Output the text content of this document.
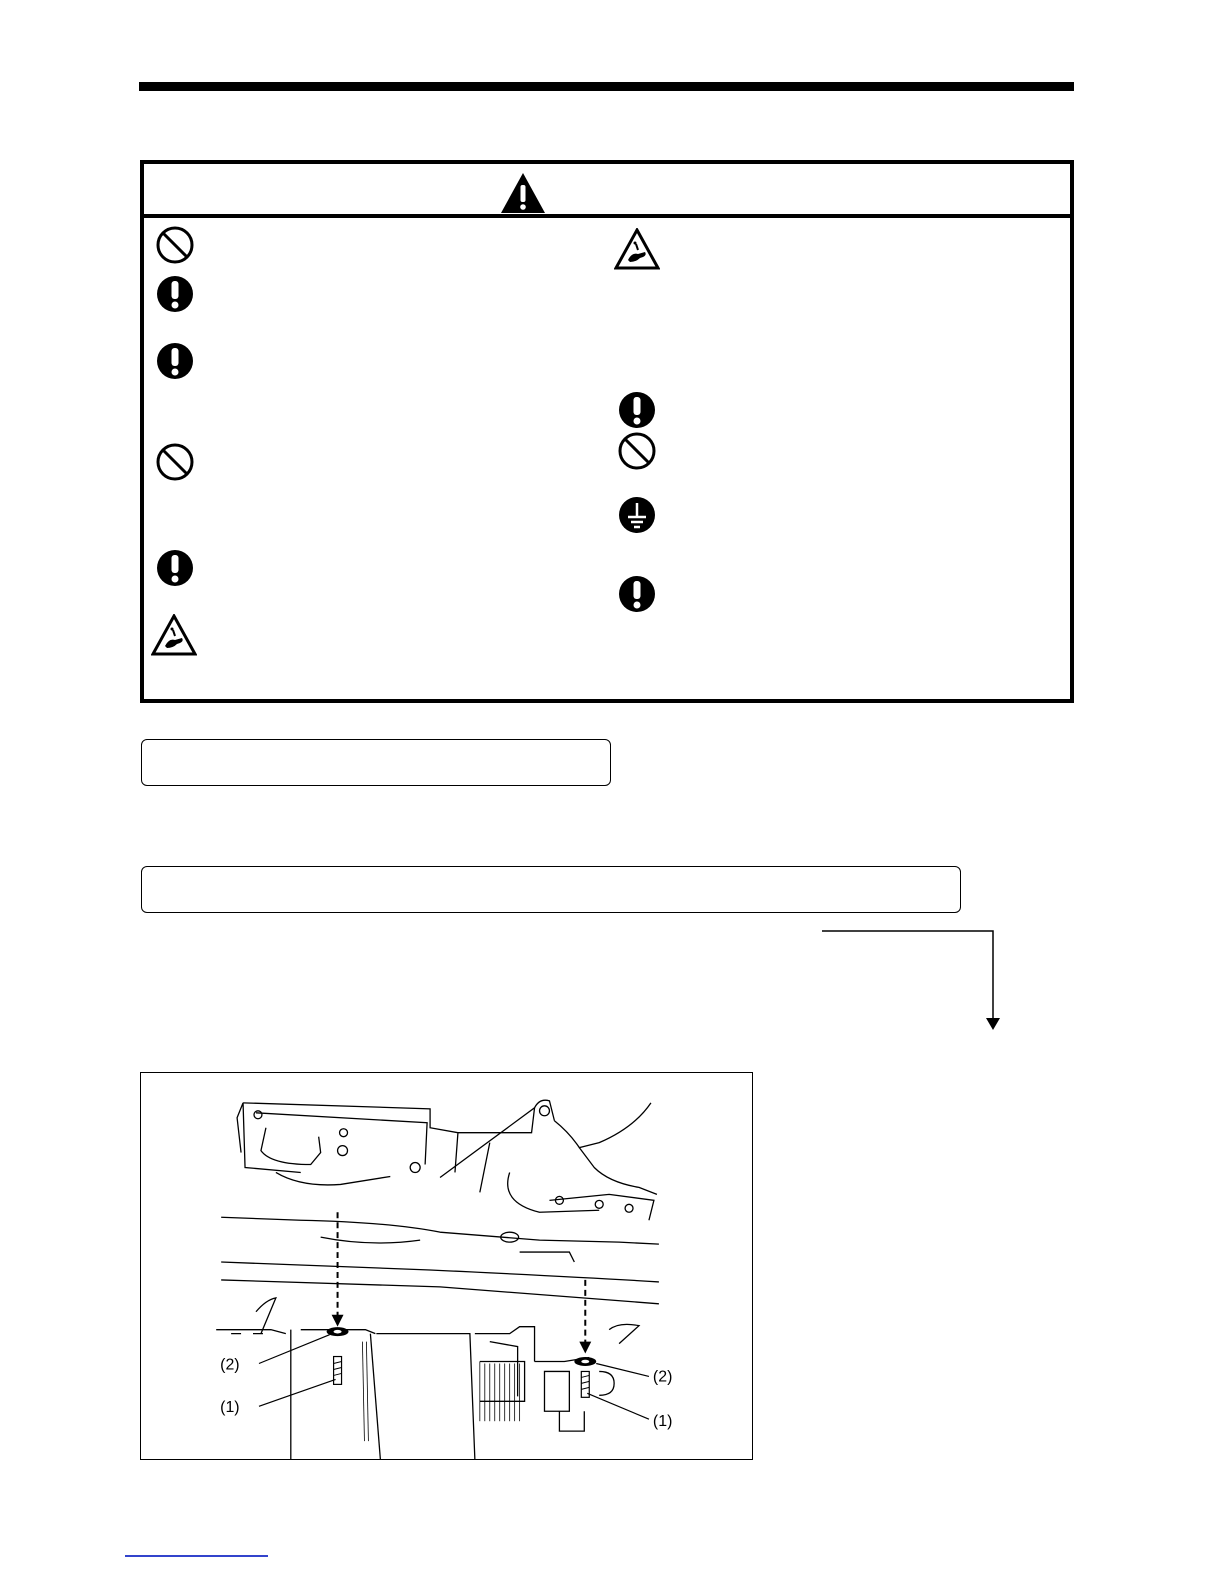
(2)
(1)
(2)
(1)
